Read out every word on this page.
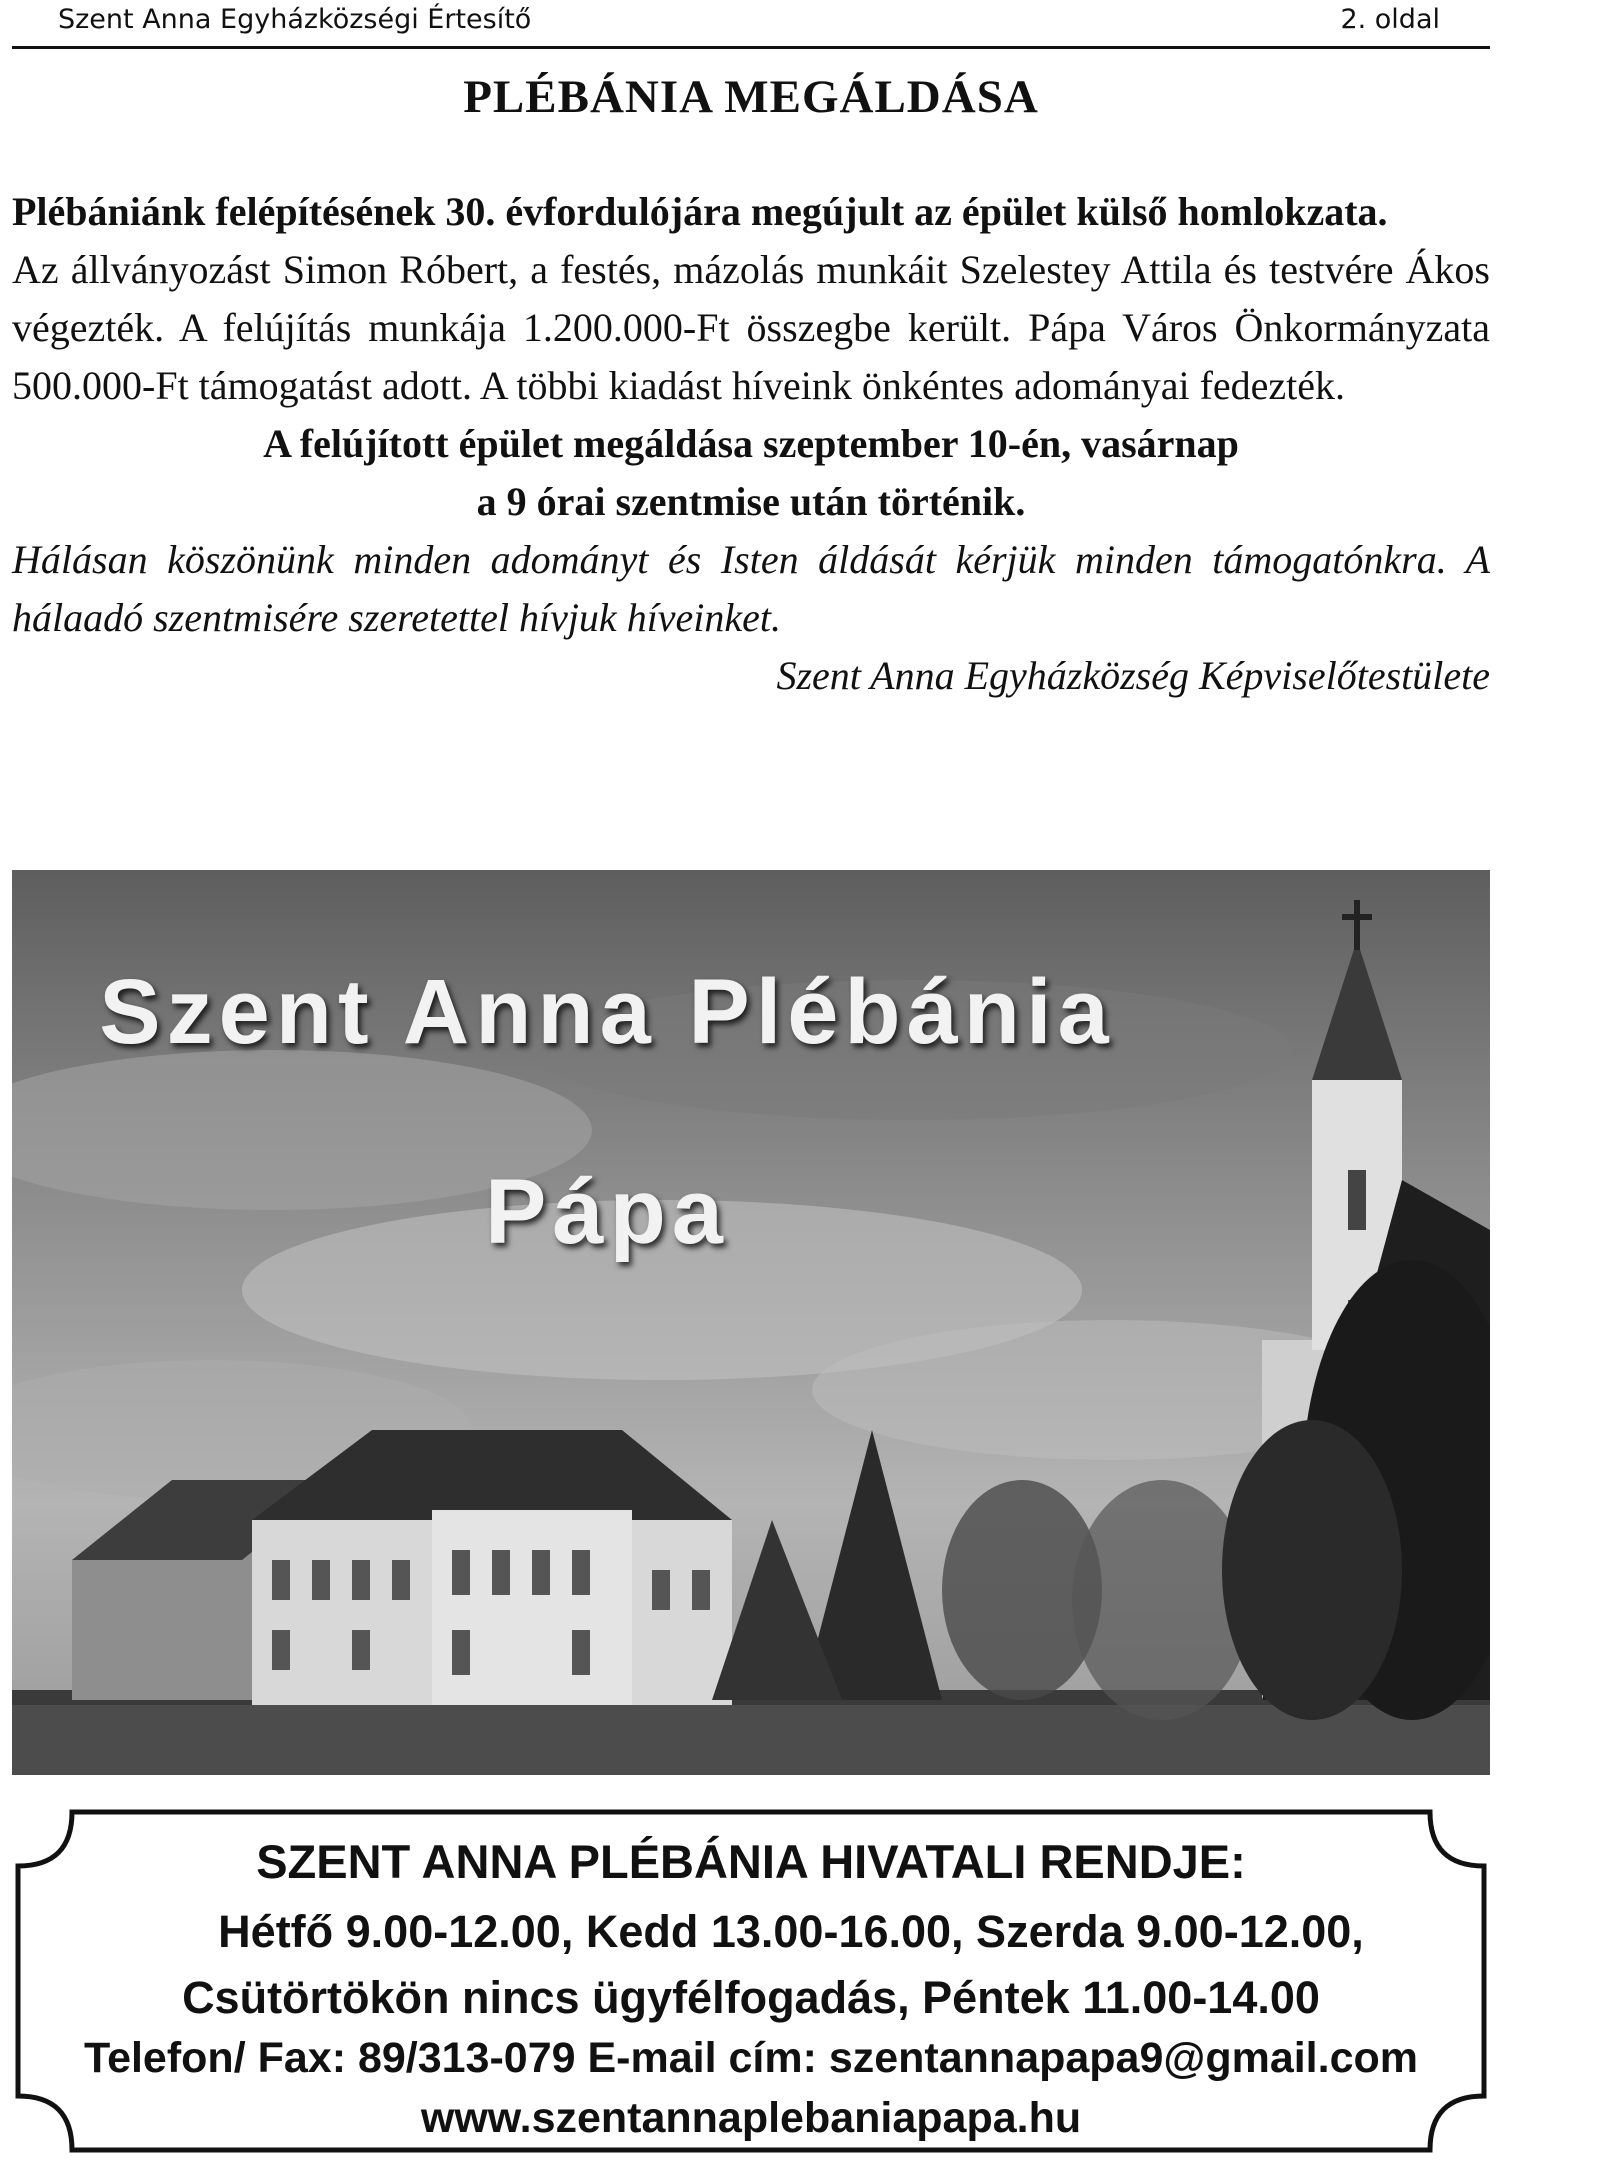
Szent Anna Egyházközségi Értesítő	2. oldal
PLÉBÁNIA MEGÁLDÁSA

Plébániánk felépítésének 30. évfordulójára megújult az épület külső homlokzata.

Az állványozást Simon Róbert, a festés, mázolás munkáit Szelestey Attila és testvére Ákos végezték. A felújítás munkája 1.200.000-Ft összegbe került. Pápa Város Önkormányzata 500.000-Ft támogatást adott. A többi kiadást híveink önkéntes adományai fedezték.

A felújított épület megáldása szeptember 10-én, vasárnap

a 9 órai szentmise után történik.

Hálásan köszönünk minden adományt és Isten áldását kérjük minden támogatónkra. A hálaadó szentmisére szeretettel hívjuk híveinket.

Szent Anna Egyházközség Képviselőtestülete

Szent Anna Plébánia
Pápa
SZENT ANNA PLÉBÁNIA HIVATALI RENDJE:
Hétfő 9.00-12.00, Kedd 13.00-16.00, Szerda 9.00-12.00,
Csütörtökön nincs ügyfélfogadás, Péntek 11.00-14.00
Telefon/ Fax: 89/313-079 E-mail cím: szentannapapa9@gmail.com
www.szentannaplebaniapapa.hu
